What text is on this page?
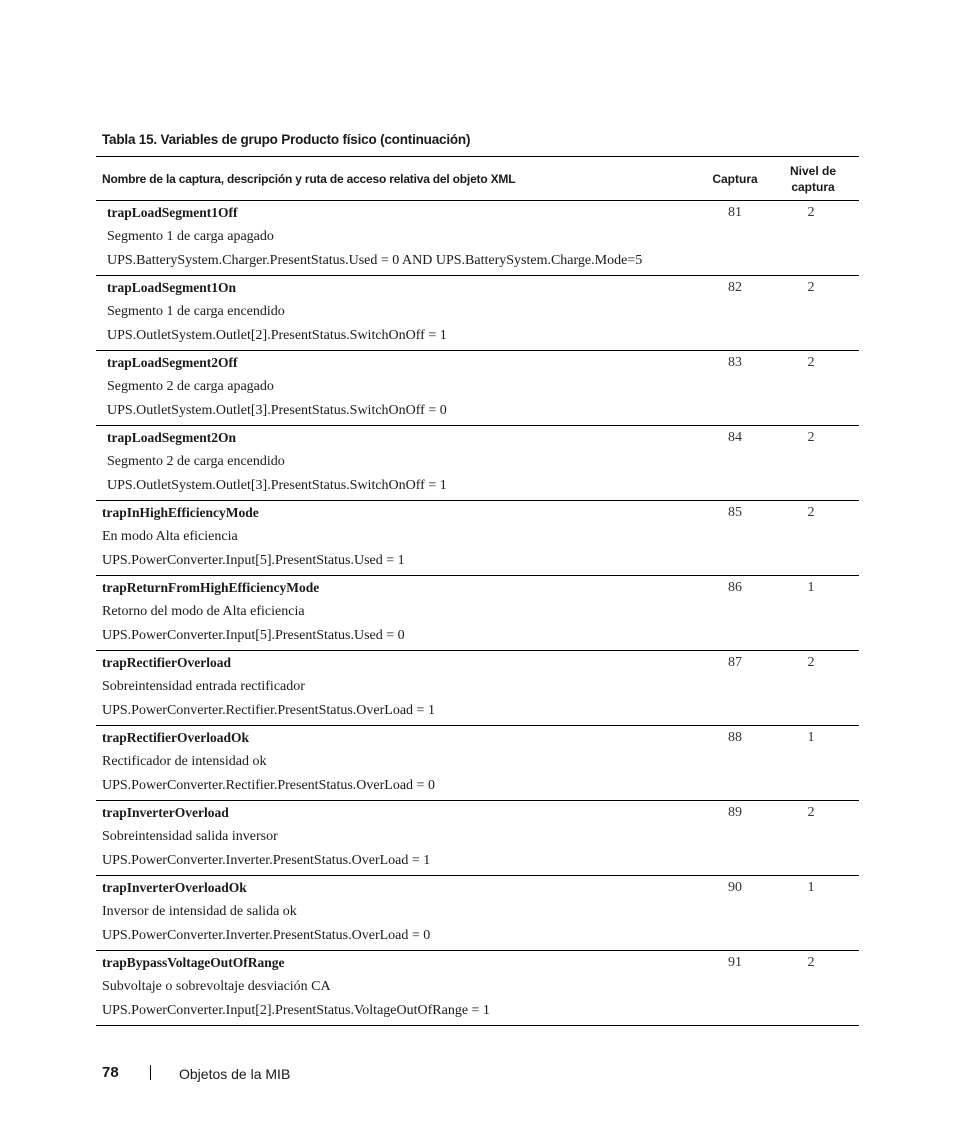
Tabla 15. Variables de grupo Producto físico (continuación)
Nombre de la captura, descripción y ruta de acceso relativa del objeto XML	Captura
Nivel de
captura
trapLoadSegment1Off
Segmento 1 de carga apagado
UPS.BatterySystem.Charger.PresentStatus.Used = 0 AND UPS.BatterySystem.Charge.Mode=5
81	2
trapLoadSegment1On
Segmento 1 de carga encendido
UPS.OutletSystem.Outlet[2].PresentStatus.SwitchOnOff = 1
82	2
trapLoadSegment2Off
Segmento 2 de carga apagado
UPS.OutletSystem.Outlet[3].PresentStatus.SwitchOnOff = 0
83	2
trapLoadSegment2On
Segmento 2 de carga encendido
UPS.OutletSystem.Outlet[3].PresentStatus.SwitchOnOff = 1
84	2
trapInHighEfficiencyMode
En modo Alta eficiencia
UPS.PowerConverter.Input[5].PresentStatus.Used = 1
85	2
trapReturnFromHighEfficiencyMode
Retorno del modo de Alta eficiencia
UPS.PowerConverter.Input[5].PresentStatus.Used = 0
86	1
trapRectifierOverload
Sobreintensidad entrada rectificador
UPS.PowerConverter.Rectifier.PresentStatus.OverLoad = 1
87	2
trapRectifierOverloadOk
Rectificador de intensidad ok
UPS.PowerConverter.Rectifier.PresentStatus.OverLoad = 0
88	1
trapInverterOverload
Sobreintensidad salida inversor
UPS.PowerConverter.Inverter.PresentStatus.OverLoad = 1
89	2
trapInverterOverloadOk
Inversor de intensidad de salida ok
UPS.PowerConverter.Inverter.PresentStatus.OverLoad = 0
90	1
trapBypassVoltageOutOfRange
Subvoltaje o sobrevoltaje desviación CA
UPS.PowerConverter.Input[2].PresentStatus.VoltageOutOfRange = 1
91	2
78	Objetos de la MIB
